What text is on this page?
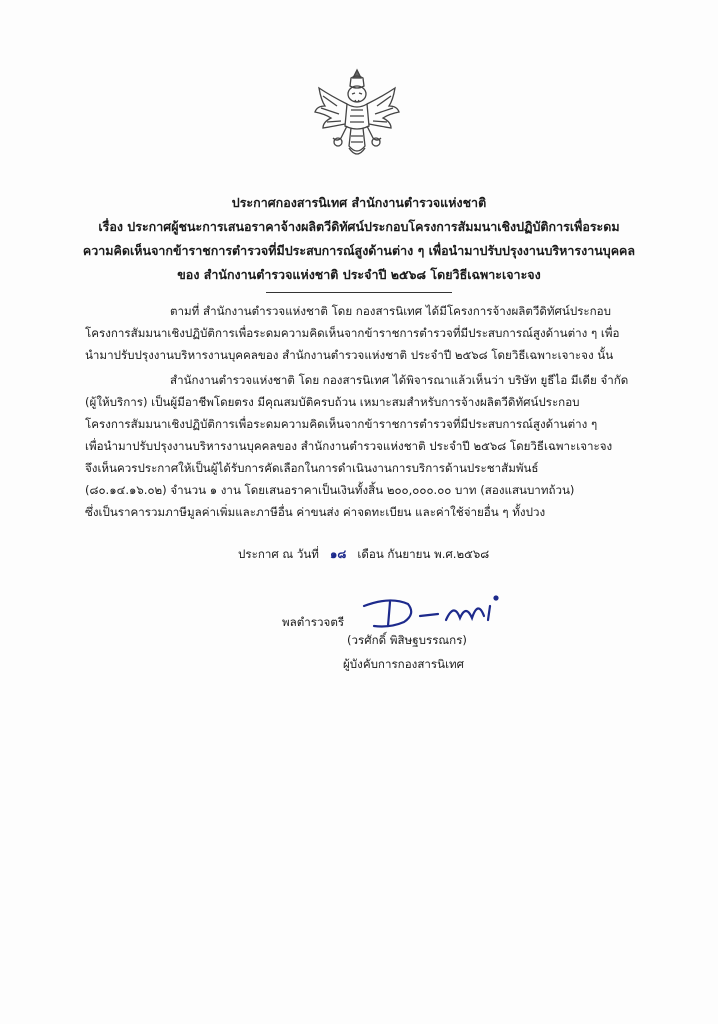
ประกาศกองสารนิเทศ สำนักงานตำรวจแห่งชาติ
เรื่อง ประกาศผู้ชนะการเสนอราคาจ้างผลิตวีดิทัศน์ประกอบโครงการสัมมนาเชิงปฏิบัติการเพื่อระดม
ความคิดเห็นจากข้าราชการตำรวจที่มีประสบการณ์สูงด้านต่าง ๆ เพื่อนำมาปรับปรุงงานบริหารงานบุคคล
ของ สำนักงานตำรวจแห่งชาติ ประจำปี ๒๕๖๘ โดยวิธีเฉพาะเจาะจง
ตามที่ สำนักงานตำรวจแห่งชาติ โดย กองสารนิเทศ ได้มีโครงการจ้างผลิตวีดิทัศน์ประกอบ
โครงการสัมมนาเชิงปฏิบัติการเพื่อระดมความคิดเห็นจากข้าราชการตำรวจที่มีประสบการณ์สูงด้านต่าง ๆ เพื่อ
นำมาปรับปรุงงานบริหารงานบุคคลของ สำนักงานตำรวจแห่งชาติ ประจำปี ๒๕๖๘ โดยวิธีเฉพาะเจาะจง นั้น
สำนักงานตำรวจแห่งชาติ โดย กองสารนิเทศ ได้พิจารณาแล้วเห็นว่า บริษัท ยูธีไอ มีเดีย จำกัด
(ผู้ให้บริการ) เป็นผู้มีอาชีพโดยตรง มีคุณสมบัติครบถ้วน เหมาะสมสำหรับการจ้างผลิตวีดิทัศน์ประกอบ
โครงการสัมมนาเชิงปฏิบัติการเพื่อระดมความคิดเห็นจากข้าราชการตำรวจที่มีประสบการณ์สูงด้านต่าง ๆ
เพื่อนำมาปรับปรุงงานบริหารงานบุคคลของ สำนักงานตำรวจแห่งชาติ ประจำปี ๒๕๖๘ โดยวิธีเฉพาะเจาะจง
จึงเห็นควรประกาศให้เป็นผู้ได้รับการคัดเลือกในการดำเนินงานการบริการด้านประชาสัมพันธ์
(๘๐.๑๔.๑๖.๐๒) จำนวน ๑ งาน โดยเสนอราคาเป็นเงินทั้งสิ้น ๒๐๐,๐๐๐.๐๐ บาท (สองแสนบาทถ้วน)
ซึ่งเป็นราคารวมภาษีมูลค่าเพิ่มและภาษีอื่น ค่าขนส่ง ค่าจดทะเบียน และค่าใช้จ่ายอื่น ๆ ทั้งปวง
ประกาศ ณ วันที่ ๑๘ เดือน กันยายน พ.ศ.๒๕๖๘
พลตำรวจตรี
(วรศักดิ์ พิสิษฐบรรณกร)
ผู้บังคับการกองสารนิเทศ
